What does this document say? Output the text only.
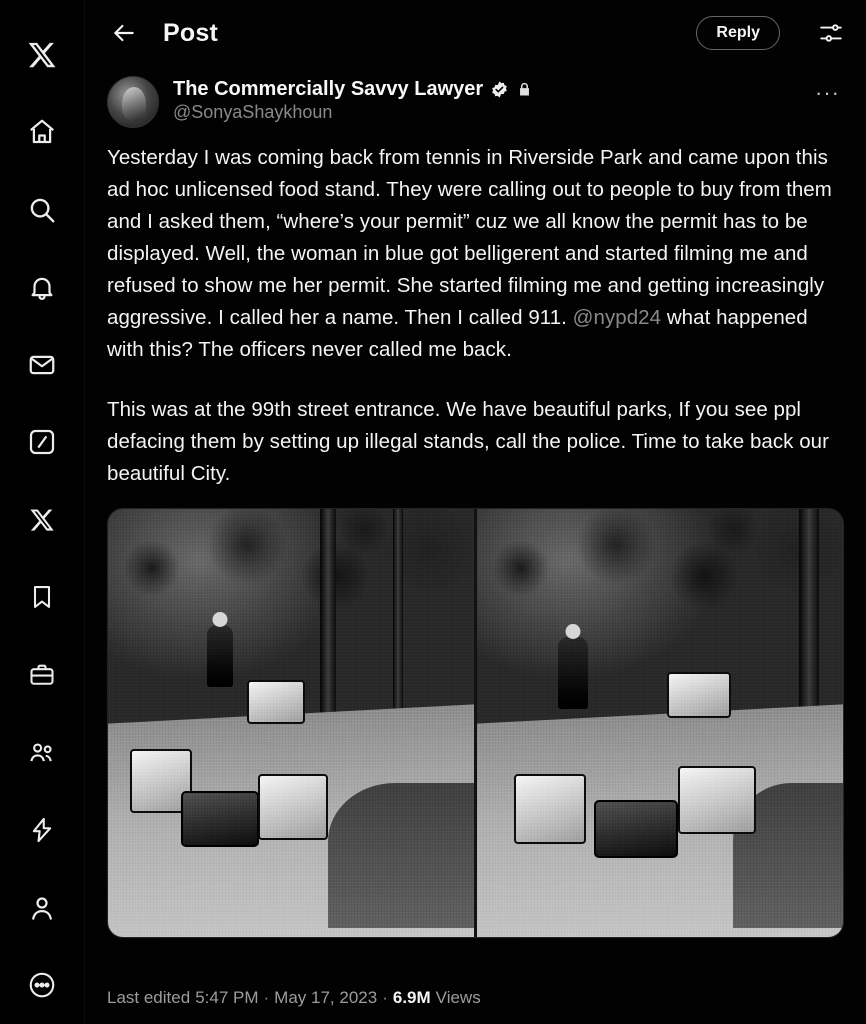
Post	Reply
The Commercially Savvy Lawyer
@SonyaShaykhoun
···

Yesterday I was coming back from tennis in Riverside Park and came upon this ad hoc unlicensed food stand. They were calling out to people to buy from them and I asked them, “where’s your permit” cuz we all know the permit has to be displayed. Well, the woman in blue got belligerent and started filming me and refused to show me her permit. She started filming me and getting increasingly aggressive. I called her a name. Then I called 911. @nypd24 what happened with this? The officers never called me back.

This was at the 99th street entrance. We have beautiful parks, If you see ppl defacing them by setting up illegal stands, call the police. Time to take back our beautiful City.

Last edited 5:47 PM · May 17, 2023 · 6.9M Views
